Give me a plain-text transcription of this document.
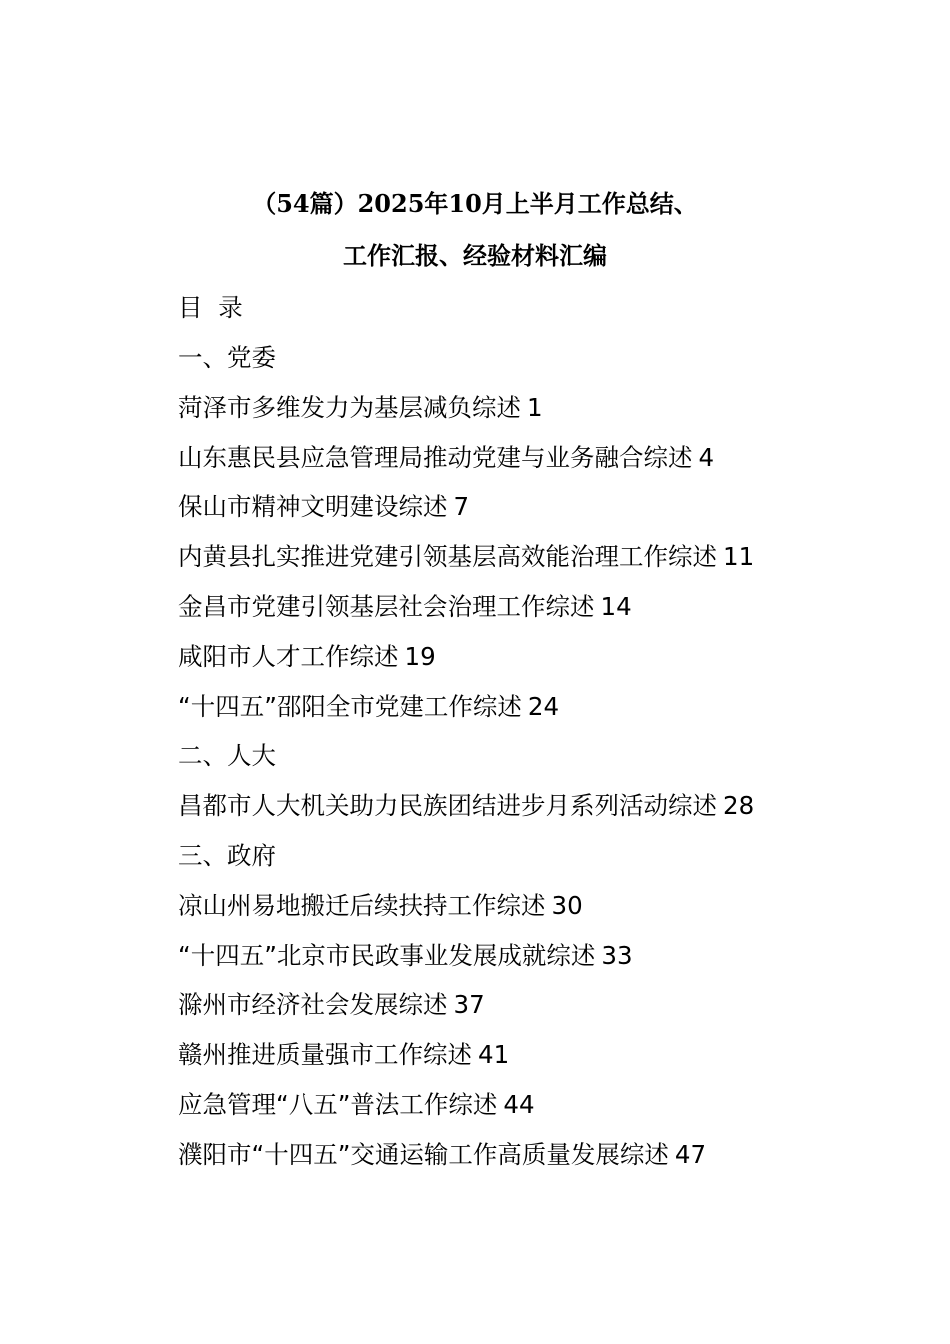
（54篇）2025年10月上半月工作总结、
工作汇报、经验材料汇编
目 录
一、党委
菏泽市多维发力为基层减负综述 1
山东惠民县应急管理局推动党建与业务融合综述 4
保山市精神文明建设综述 7
内黄县扎实推进党建引领基层高效能治理工作综述 11
金昌市党建引领基层社会治理工作综述 14
咸阳市人才工作综述 19
“十四五”邵阳全市党建工作综述 24
二、人大
昌都市人大机关助力民族团结进步月系列活动综述 28
三、政府
凉山州易地搬迁后续扶持工作综述 30
“十四五”北京市民政事业发展成就综述 33
滁州市经济社会发展综述 37
赣州推进质量强市工作综述 41
应急管理“八五”普法工作综述 44
濮阳市“十四五”交通运输工作高质量发展综述 47
